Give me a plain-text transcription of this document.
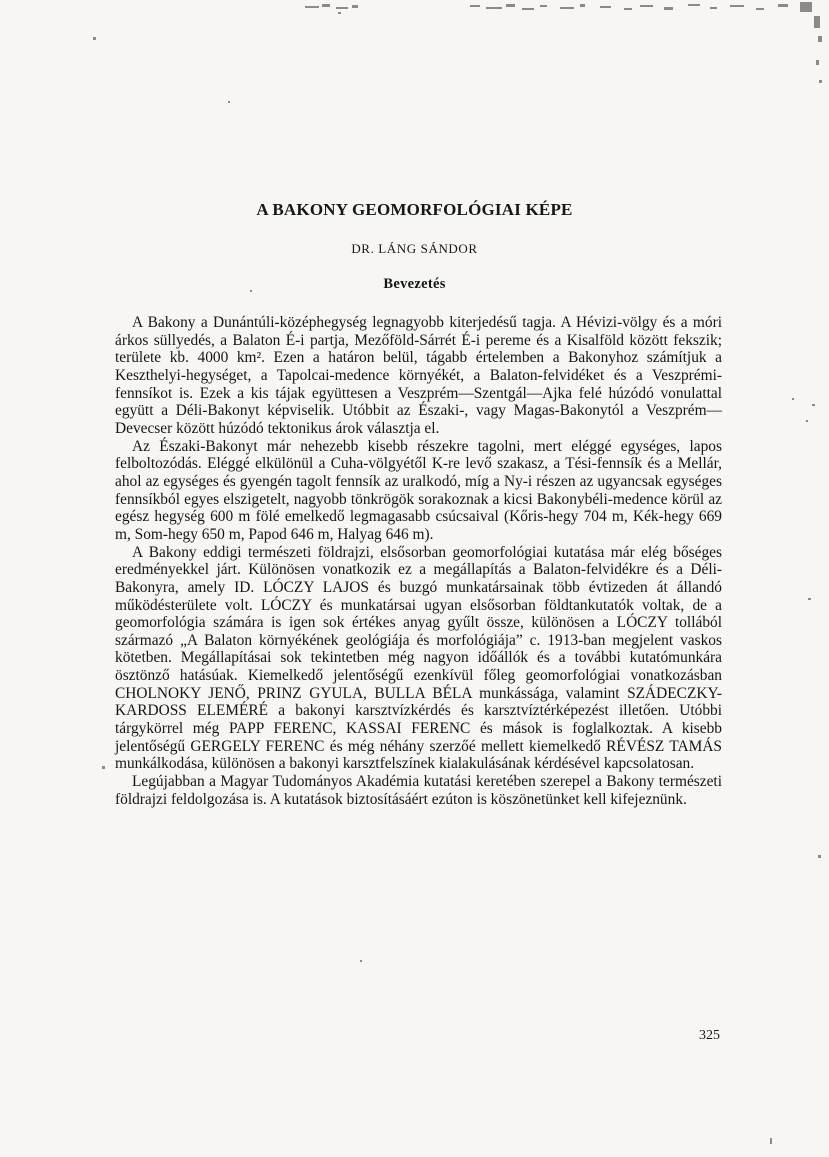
A BAKONY GEOMORFOLÓGIAI KÉPE
DR. LÁNG SÁNDOR
Bevezetés

A Bakony a Dunántúli-középhegység legnagyobb kiterjedésű tagja. A Hévizi-völgy és a móri árkos süllyedés, a Balaton É-i partja, Mezőföld-Sárrét É-i pereme és a Kisalföld között fekszik; területe kb. 4000 km². Ezen a határon belül, tágabb értelemben a Bakonyhoz számítjuk a Keszthelyi-hegységet, a Tapolcai-medence környékét, a Balaton-felvidéket és a Veszprémi-fennsíkot is. Ezek a kis tájak együttesen a Veszprém—Szentgál—Ajka felé húzódó vonulattal együtt a Déli-Bakonyt képviselik. Utóbbit az Északi-, vagy Magas-Bakonytól a Veszprém—Devecser között húzódó tektonikus árok választja el.

Az Északi-Bakonyt már nehezebb kisebb részekre tagolni, mert eléggé egységes, lapos felboltozódás. Eléggé elkülönül a Cuha-völgyétől K-re levő szakasz, a Tési-fennsík és a Mellár, ahol az egységes és gyengén tagolt fennsík az uralkodó, míg a Ny-i részen az ugyancsak egységes fennsíkból egyes elszigetelt, nagyobb tönkrögök sorakoznak a kicsi Bakonybéli-medence körül az egész hegység 600 m fölé emelkedő legmagasabb csúcsaival (Kőris-hegy 704 m, Kék-hegy 669 m, Som-hegy 650 m, Papod 646 m, Halyag 646 m).

A Bakony eddigi természeti földrajzi, elsősorban geomorfológiai kutatása már elég bőséges eredményekkel járt. Különösen vonatkozik ez a megállapítás a Balaton-felvidékre és a Déli-Bakonyra, amely ID. LÓCZY LAJOS és buzgó munkatársainak több évtizeden át állandó működésterülete volt. LÓCZY és munkatársai ugyan elsősorban földtankutatók voltak, de a geomorfológia számára is igen sok értékes anyag gyűlt össze, különösen a LÓCZY tollából származó „A Balaton környékének geológiája és morfológiája” c. 1913-ban megjelent vaskos kötetben. Megállapításai sok tekintetben még nagyon időállók és a további kutatómunkára ösztönző hatásúak. Kiemelkedő jelentőségű ezenkívül főleg geomorfológiai vonatkozásban CHOLNOKY JENŐ, PRINZ GYULA, BULLA BÉLA munkássága, valamint SZÁDECZKY-KARDOSS ELEMÉRÉ a bakonyi karsztvízkérdés és karsztvíztérképezést illetően. Utóbbi tárgykörrel még PAPP FERENC, KASSAI FERENC és mások is foglalkoztak. A kisebb jelentőségű GERGELY FERENC és még néhány szerzőé mellett kiemelkedő RÉVÉSZ TAMÁS munkálkodása, különösen a bakonyi karsztfelszínek kialakulásának kérdésével kapcsolatosan.

Legújabban a Magyar Tudományos Akadémia kutatási keretében szerepel a Bakony természeti földrajzi feldolgozása is. A kutatások biztosításáért ezúton is köszönetünket kell kifejeznünk.

325
